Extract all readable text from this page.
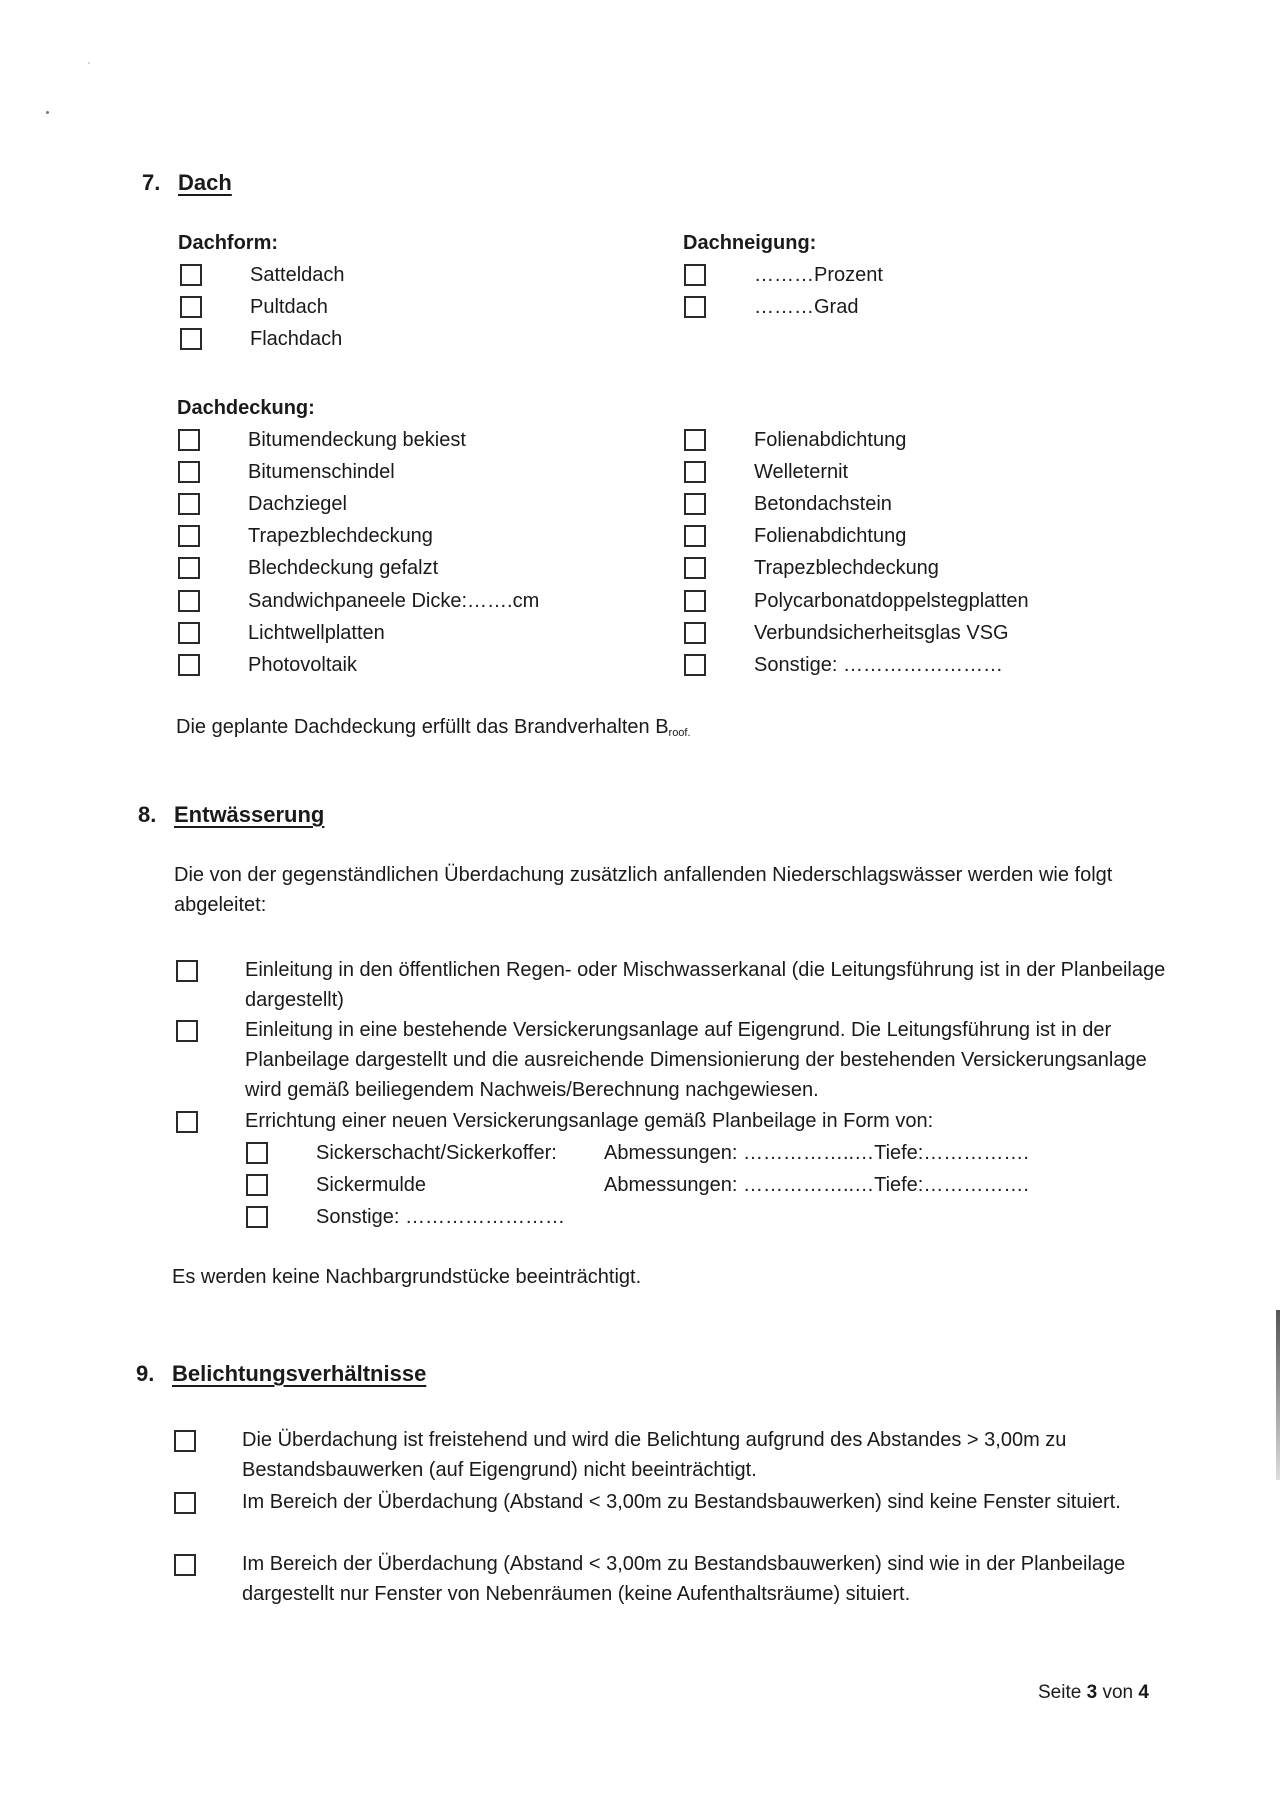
7. Dach
Dachform:
Satteldach
Pultdach
Flachdach
Dachneigung:
………Prozent
………Grad
Dachdeckung:
Bitumendeckung bekiest
Bitumenschindel
Dachziegel
Trapezblechdeckung
Blechdeckung gefalzt
Sandwichpaneele Dicke:…….cm
Lichtwellplatten
Photovoltaik
Folienabdichtung
Welleternit
Betondachstein
Folienabdichtung
Trapezblechdeckung
Polycarbonatdoppelstegplatten
Verbundsicherheitsglas VSG
Sonstige: ……………………
Die geplante Dachdeckung erfüllt das Brandverhalten $B_{roof.}$
8. Entwässerung
Die von der gegenständlichen Überdachung zusätzlich anfallenden Niederschlagswässer werden wie folgt abgeleitet:
Einleitung in den öffentlichen Regen- oder Mischwasserkanal (die Leitungsführung ist in der Planbeilage dargestellt)
Einleitung in eine bestehende Versickerungsanlage auf Eigengrund. Die Leitungsführung ist in der Planbeilage dargestellt und die ausreichende Dimensionierung der bestehenden Versickerungsanlage wird gemäß beiliegendem Nachweis/Berechnung nachgewiesen.
Errichtung einer neuen Versickerungsanlage gemäß Planbeilage in Form von:
Sickerschacht/Sickerkoffer: Abmessungen: ……………..…Tiefe:…………….
Sickermulde	Abmessungen: ……………..…Tiefe:…………….
Sonstige: ……………………
Es werden keine Nachbargrundstücke beeinträchtigt.
9. Belichtungsverhältnisse
Die Überdachung ist freistehend und wird die Belichtung aufgrund des Abstandes > 3,00m zu Bestandsbauwerken (auf Eigengrund) nicht beeinträchtigt.
Im Bereich der Überdachung (Abstand < 3,00m zu Bestandsbauwerken) sind keine Fenster situiert.
Im Bereich der Überdachung (Abstand < 3,00m zu Bestandsbauwerken) sind wie in der Planbeilage dargestellt nur Fenster von Nebenräumen (keine Aufenthaltsräume) situiert.
Seite 3 von 4
